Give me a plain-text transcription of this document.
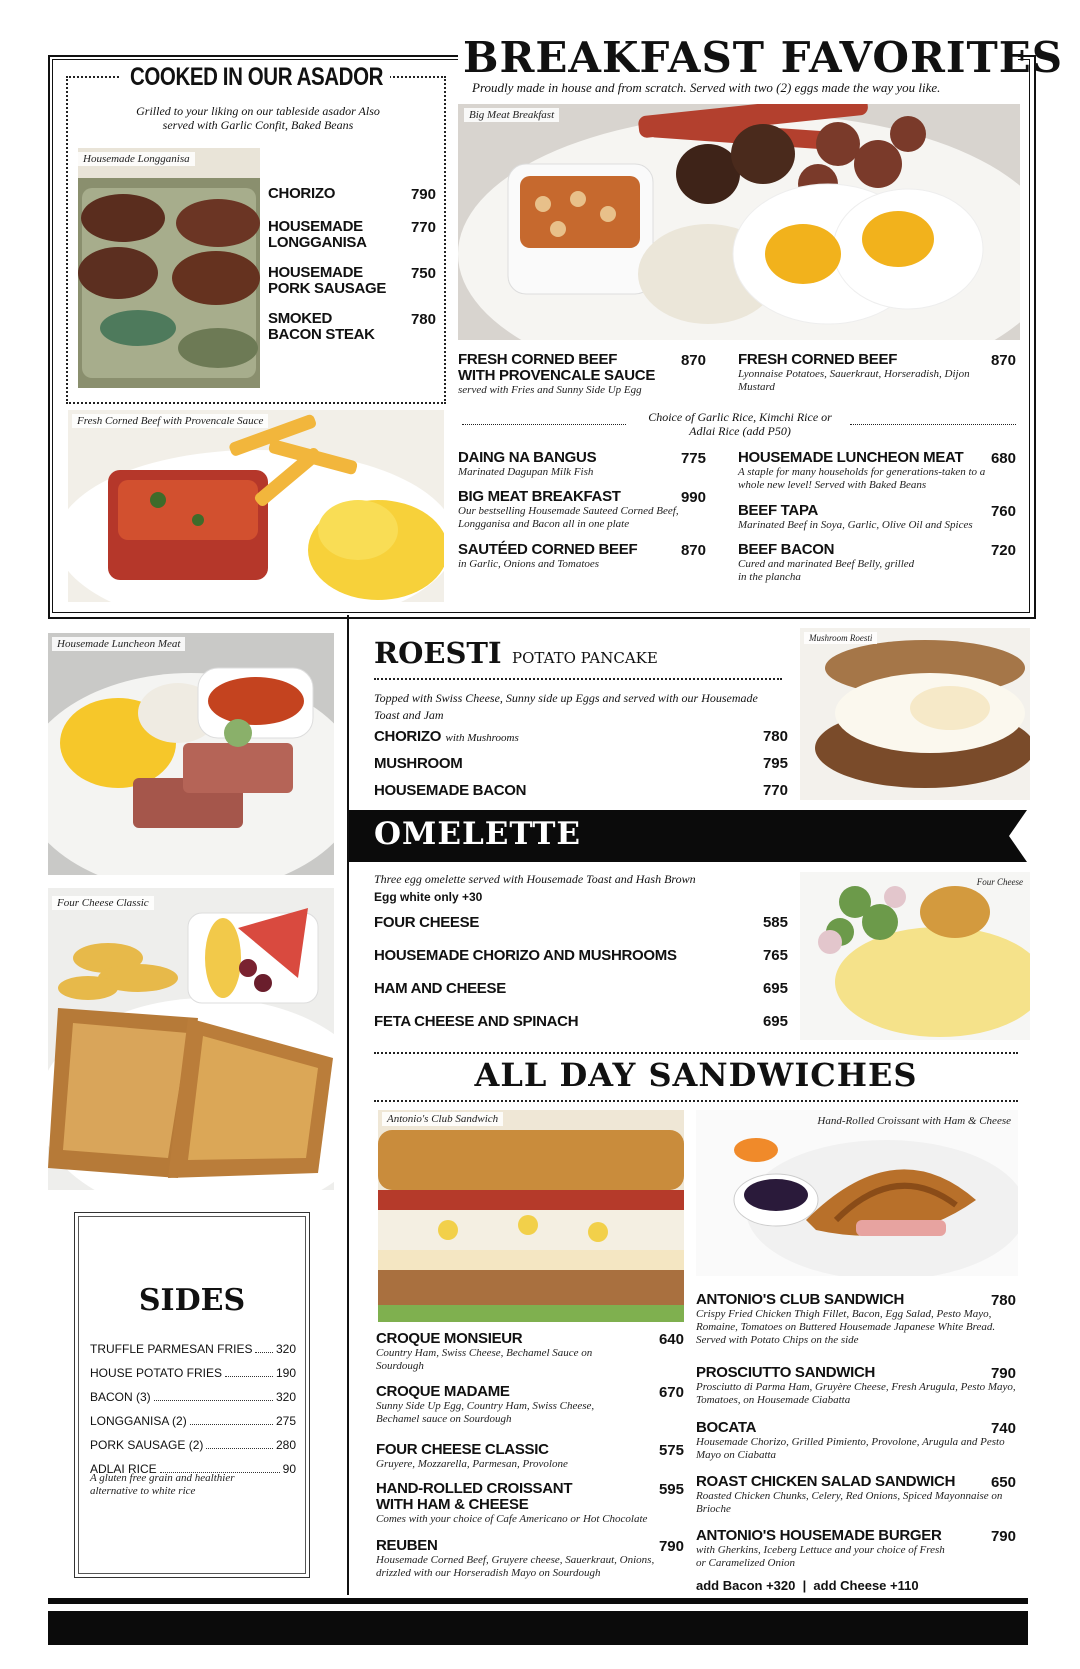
BREAKFAST FAVORITES
Proudly made in house and from scratch. Served with two (2) eggs made the way you like.
COOKED IN OUR ASADOR
Grilled to your liking on our tableside asador Also served with Garlic Confit, Baked Beans
Housemade Longganisa
CHORIZO	790
HOUSEMADE LONGGANISA
770
HOUSEMADE PORK SAUSAGE
750
SMOKED BACON STEAK
780
Fresh Corned Beef with Provencale Sauce
Big Meat Breakfast
FRESH CORNED BEEF WITH PROVENCALE SAUCE
870
served with Fries and Sunny Side Up Egg
Choice of Garlic Rice, Kimchi Rice or Adlai Rice (add P50)
DAING NA BANGUS	775
Marinated Dagupan Milk Fish
BIG MEAT BREAKFAST	990
Our bestselling Housemade Sauteed Corned Beef, Longganisa and Bacon all in one plate
SAUTÉED CORNED BEEF	870
in Garlic, Onions and Tomatoes
FRESH CORNED BEEF	870
Lyonnaise Potatoes, Sauerkraut, Horseradish, Dijon Mustard
HOUSEMADE LUNCHEON MEAT	680
A staple for many households for generations-taken to a whole new level! Served with Baked Beans
BEEF TAPA	760
Marinated Beef in Soya, Garlic, Olive Oil and Spices
BEEF BACON	720
Cured and marinated Beef Belly, grilled in the plancha
Housemade Luncheon Meat
Four Cheese Classic
SIDES
TRUFFLE PARMESAN FRIES 320
HOUSE POTATO FRIES	190
BACON (3)	320
LONGGANISA (2)	275
PORK SAUSAGE (2)	280
ADLAI RICE	90
A gluten free grain and healthier alternative to white rice
ROESTI POTATO PANCAKE
Topped with Swiss Cheese, Sunny side up Eggs and served with our Housemade Toast and Jam
CHORIZO with Mushrooms	780
MUSHROOM	795
HOUSEMADE BACON	770
Mushroom Roesti
OMELETTE
Three egg omelette served with Housemade Toast and Hash Brown
Egg white only +30
FOUR CHEESE	585
HOUSEMADE CHORIZO AND MUSHROOMS	765
HAM AND CHEESE	695
FETA CHEESE AND SPINACH	695
Four Cheese
ALL DAY SANDWICHES
Antonio's Club Sandwich	Hand-Rolled Croissant with Ham & Cheese
CROQUE MONSIEUR	640
Country Ham, Swiss Cheese, Bechamel Sauce on Sourdough
CROQUE MADAME	670
Sunny Side Up Egg, Country Ham, Swiss Cheese, Bechamel sauce on Sourdough
FOUR CHEESE CLASSIC	575
Gruyere, Mozzarella, Parmesan, Provolone
HAND-ROLLED CROISSANT WITH HAM & CHEESE
595
Comes with your choice of Cafe Americano or Hot Chocolate
REUBEN	790
Housemade Corned Beef, Gruyere cheese, Sauerkraut, Onions, drizzled with our Horseradish Mayo on Sourdough
ANTONIO'S CLUB SANDWICH	780
Crispy Fried Chicken Thigh Fillet, Bacon, Egg Salad, Pesto Mayo, Romaine, Tomatoes on Buttered Housemade Japanese White Bread. Served with Potato Chips on the side
PROSCIUTTO SANDWICH	790
Prosciutto di Parma Ham, Gruyère Cheese, Fresh Arugula, Pesto Mayo, Tomatoes, on Housemade Ciabatta
BOCATA	740
Housemade Chorizo, Grilled Pimiento, Provolone, Arugula and Pesto Mayo on Ciabatta
ROAST CHICKEN SALAD SANDWICH	650
Roasted Chicken Chunks, Celery, Red Onions, Spiced Mayonnaise on Brioche
ANTONIO'S HOUSEMADE BURGER	790
with Gherkins, Iceberg Lettuce and your choice of Fresh or Caramelized Onion
add Bacon +320  |  add Cheese +110
